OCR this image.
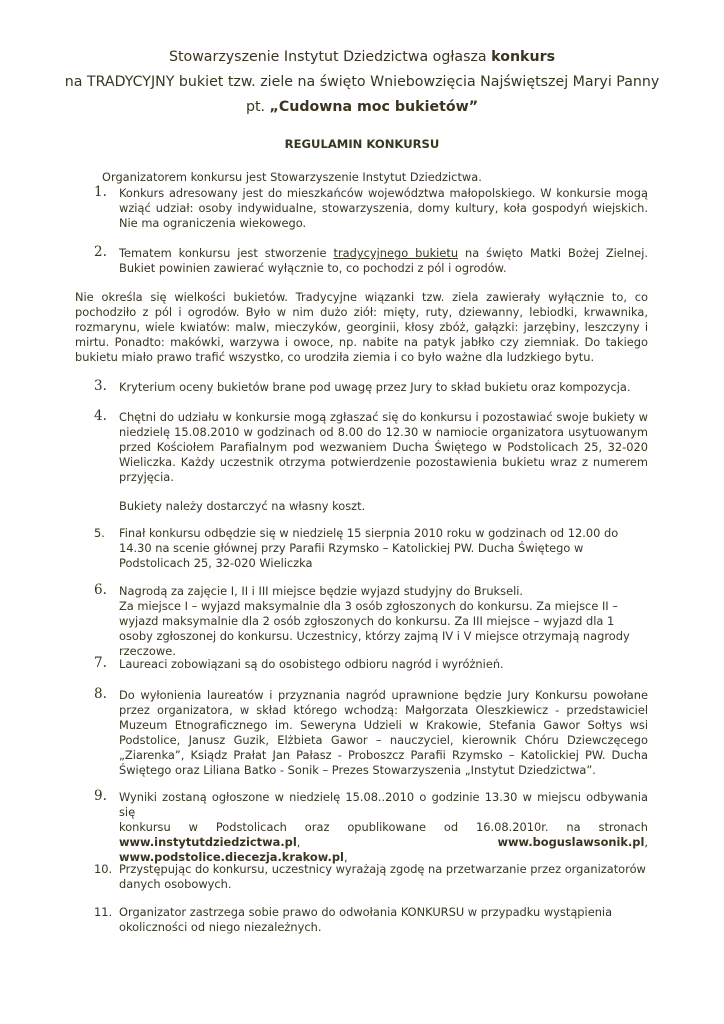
Stowarzyszenie Instytut Dziedzictwa ogłasza konkurs
na TRADYCYJNY bukiet tzw. ziele na święto Wniebowzięcia Najświętszej Maryi Panny
pt. „Cudowna moc bukietów”
REGULAMIN KONKURSU
Organizatorem konkursu jest Stowarzyszenie Instytut Dziedzictwa.
1.	Konkurs adresowany jest do mieszkańców województwa małopolskiego. W konkursie mogą wziąć udział: osoby indywidualne, stowarzyszenia, domy kultury, koła gospodyń wiejskich. Nie ma ograniczenia wiekowego.
2.	Tematem konkursu jest stworzenie tradycyjnego bukietu na święto Matki Bożej Zielnej. Bukiet powinien zawierać wyłącznie to, co pochodzi z pól i ogrodów.
Nie określa się wielkości bukietów. Tradycyjne wiązanki tzw. ziela zawierały wyłącznie to, co pochodziło z pól i ogrodów. Było w nim dużo ziół: mięty, ruty, dziewanny, lebiodki, krwawnika, rozmarynu, wiele kwiatów: malw, mieczyków, georginii, kłosy zbóż, gałązki: jarzębiny, leszczyny i mirtu. Ponadto: makówki, warzywa i owoce, np. nabite na patyk jabłko czy ziemniak. Do takiego bukietu miało prawo trafić wszystko, co urodziła ziemia i co było ważne dla ludzkiego bytu.
3.	Kryterium oceny bukietów brane pod uwagę przez Jury to skład bukietu oraz kompozycja.
4.	Chętni do udziału w konkursie mogą zgłaszać się do konkursu i pozostawiać swoje bukiety w niedzielę 15.08.2010 w godzinach od 8.00 do 12.30 w namiocie organizatora usytuowanym przed Kościołem Parafialnym pod wezwaniem Ducha Świętego w Podstolicach 25, 32-020 Wieliczka. Każdy uczestnik otrzyma potwierdzenie pozostawienia bukietu wraz z numerem przyjęcia.
Bukiety należy dostarczyć na własny koszt.
5.	Finał konkursu odbędzie się w niedzielę 15 sierpnia 2010 roku w godzinach od 12.00 do 14.30 na scenie głównej przy Parafii Rzymsko – Katolickiej PW. Ducha Świętego w Podstolicach 25, 32-020 Wieliczka
6.	Nagrodą za zajęcie I, II i III miejsce będzie wyjazd studyjny do Brukseli.
Za miejsce I – wyjazd maksymalnie dla 3 osób zgłoszonych do konkursu. Za miejsce II – wyjazd maksymalnie dla 2 osób zgłoszonych do konkursu. Za III miejsce – wyjazd dla 1 osoby zgłoszonej do konkursu. Uczestnicy, którzy zajmą IV i V miejsce otrzymają nagrody rzeczowe.
7.	Laureaci zobowiązani są do osobistego odbioru nagród i wyróżnień.
8.	Do wyłonienia laureatów i przyznania nagród uprawnione będzie Jury Konkursu powołane przez organizatora, w skład którego wchodzą: Małgorzata Oleszkiewicz - przedstawiciel Muzeum Etnograficznego im. Seweryna Udzieli w Krakowie, Stefania Gawor Sołtys wsi Podstolice, Janusz Guzik, Elżbieta Gawor – nauczyciel, kierownik Chóru Dziewczęcego „Ziarenka”, Ksiądz Prałat Jan Pałasz - Proboszcz Parafii Rzymsko – Katolickiej PW. Ducha Świętego oraz Liliana Batko - Sonik – Prezes Stowarzyszenia „Instytut Dziedzictwa”.
9.	Wyniki zostaną ogłoszone w niedzielę 15.08..2010 o godzinie 13.30 w miejscu odbywania się
konkursu w Podstolicach oraz opublikowane od 16.08.2010r. na stronach
www.instytutdziedzictwa.pl,	www.boguslawsonik.pl,
www.podstolice.diecezja.krakow.pl,
10. Przystępując do konkursu, uczestnicy wyrażają zgodę na przetwarzanie przez organizatorów danych osobowych.
11. Organizator zastrzega sobie prawo do odwołania KONKURSU w przypadku wystąpienia okoliczności od niego niezależnych.
